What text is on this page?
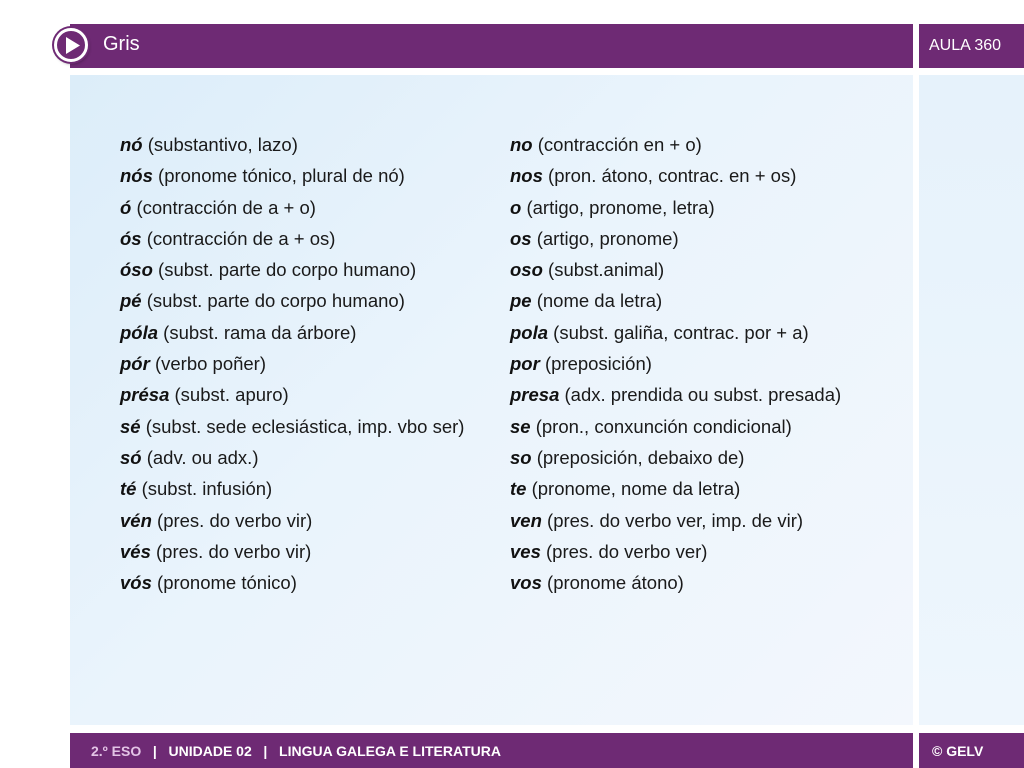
Gris	AULA 360
nó (substantivo, lazo)
nós (pronome tónico, plural de nó)
ó (contracción de a + o)
ós (contracción de a + os)
óso (subst. parte do corpo humano)
pé (subst. parte do corpo humano)
póla (subst. rama da árbore)
pór (verbo poñer)
présa (subst. apuro)
sé (subst. sede eclesiástica, imp. vbo ser)
só (adv. ou adx.)
té (subst. infusión)
vén (pres. do verbo vir)
vés (pres. do verbo vir)
vós (pronome tónico)
no (contracción en + o)
nos (pron. átono, contrac. en + os)
o (artigo, pronome, letra)
os (artigo, pronome)
oso (subst.animal)
pe (nome da letra)
pola (subst. galiña, contrac. por + a)
por (preposición)
presa (adx. prendida ou subst. presada)
se (pron., conxunción condicional)
so (preposición, debaixo de)
te (pronome, nome da letra)
ven (pres. do verbo ver, imp. de vir)
ves (pres. do verbo ver)
vos (pronome átono)
2.º ESO   |   UNIDADE 02   |   LINGUA GALEGA E LITERATURA	© GELV
